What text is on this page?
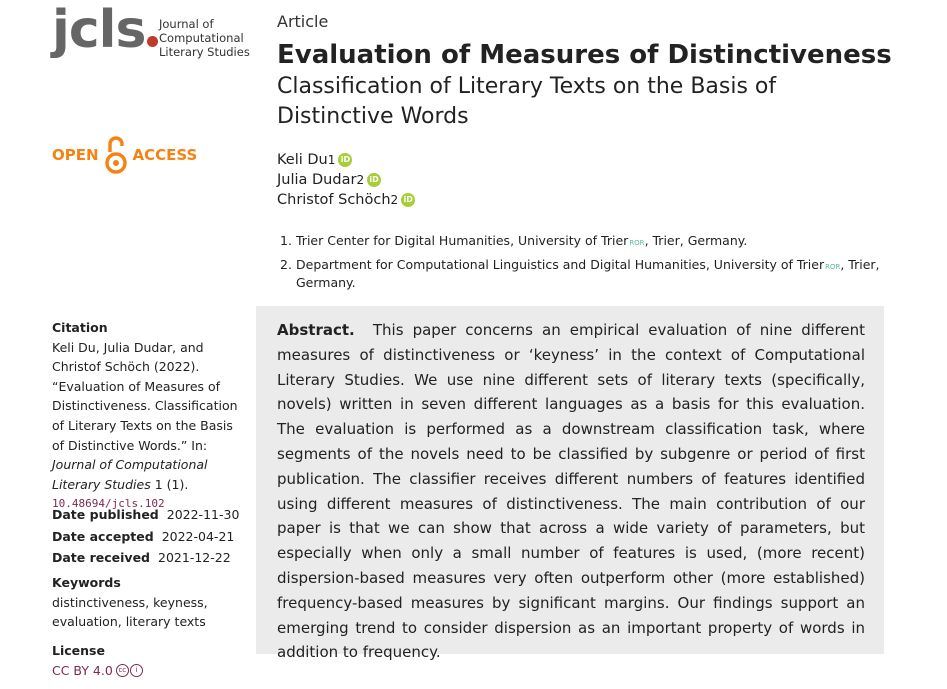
jcls	Journal of
Computational
Literary Studies
OPEN ACCESS
Article
Evaluation of Measures of Distinctiveness
Classification of Literary Texts on the Basis of Distinctive Words
Keli Du 1 iD
Julia Dudar 2 iD
Christof Schöch 2 iD
1. Trier Center for Digital Humanities, University of TrierROR, Trier, Germany.
2. Department for Computational Linguistics and Digital Humanities, University of TrierROR, Trier, Germany.
Abstract. This paper concerns an empirical evaluation of nine different measures of distinctiveness or ‘keyness’ in the context of Computational Literary Studies. We use nine different sets of literary texts (specifically, novels) written in seven different languages as a basis for this evaluation. The evaluation is performed as a downstream classification task, where segments of the novels need to be classified by subgenre or period of first publication. The classifier receives different numbers of features identified using different measures of distinctiveness. The main contribution of our paper is that we can show that across a wide variety of parameters, but especially when only a small number of features is used, (more recent) dispersion-based measures very often outperform other (more established) frequency-based measures by significant margins. Our findings support an emerging trend to consider dispersion as an important property of words in addition to frequency.
Citation
Keli Du, Julia Dudar, and Christof Schöch (2022). “Evaluation of Measures of Distinctiveness. Classification of Literary Texts on the Basis of Distinctive Words.” In: Journal of Computational Literary Studies 1 (1).
10.48694/jcls.102
Date published 2022-11-30
Date accepted 2022-04-21
Date received 2021-12-22
Keywords
distinctiveness, keyness, evaluation, literary texts
License
CC BY 4.0 cc	i
